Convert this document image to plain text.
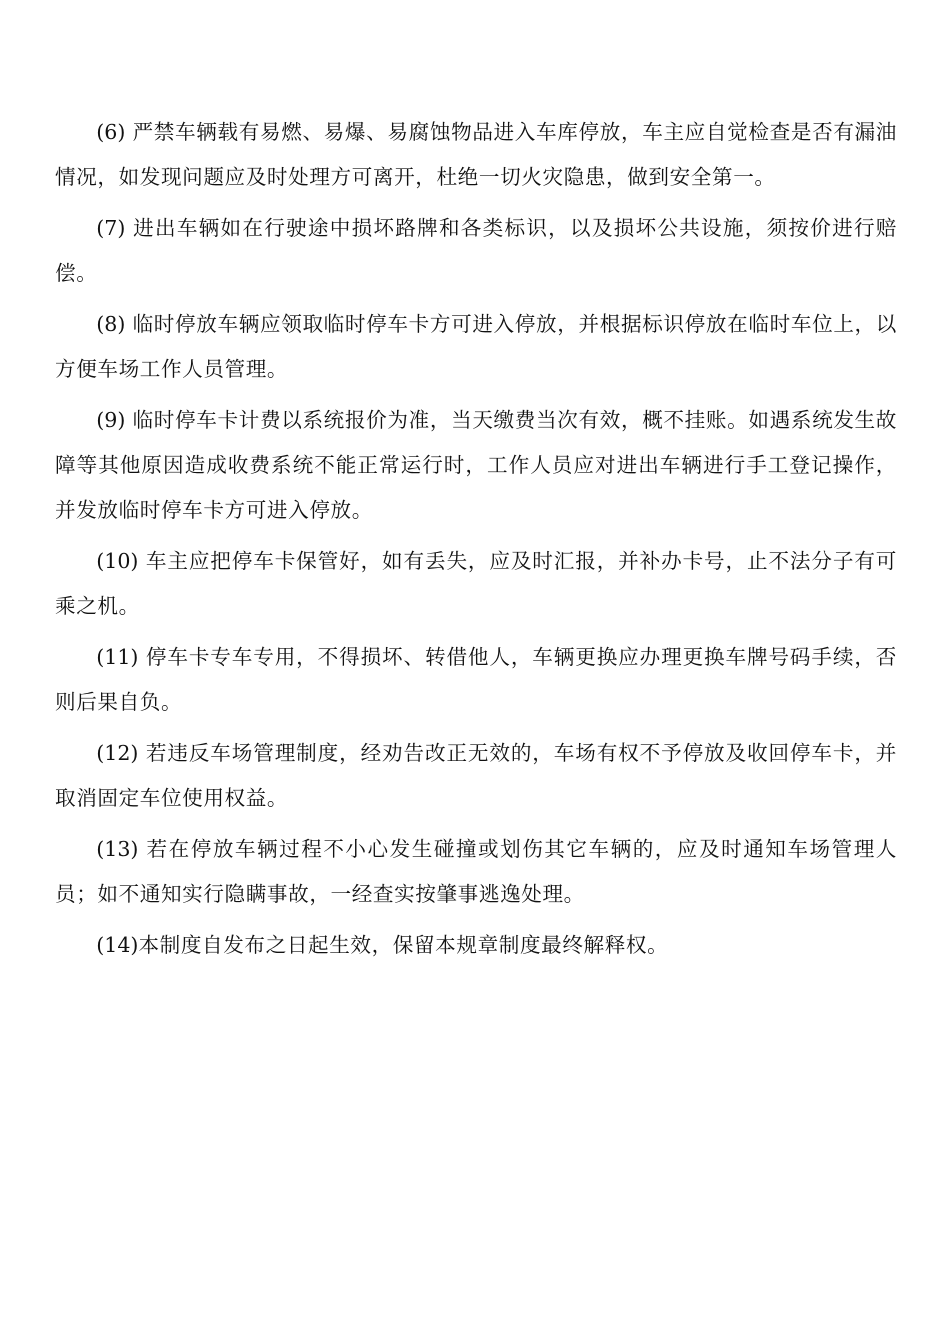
(6) 严禁车辆载有易燃、易爆、易腐蚀物品进入车库停放，车主应自觉检查是否有漏油情况，如发现问题应及时处理方可离开，杜绝一切火灾隐患，做到安全第一。

(7) 进出车辆如在行驶途中损坏路牌和各类标识，以及损坏公共设施，须按价进行赔偿。

(8) 临时停放车辆应领取临时停车卡方可进入停放，并根据标识停放在临时车位上，以方便车场工作人员管理。

(9) 临时停车卡计费以系统报价为准，当天缴费当次有效，概不挂账。如遇系统发生故障等其他原因造成收费系统不能正常运行时，工作人员应对进出车辆进行手工登记操作，并发放临时停车卡方可进入停放。

(10) 车主应把停车卡保管好，如有丢失，应及时汇报，并补办卡号，止不法分子有可乘之机。

(11) 停车卡专车专用，不得损坏、转借他人，车辆更换应办理更换车牌号码手续，否则后果自负。

(12) 若违反车场管理制度，经劝告改正无效的，车场有权不予停放及收回停车卡，并取消固定车位使用权益。

(13) 若在停放车辆过程不小心发生碰撞或划伤其它车辆的，应及时通知车场管理人员；如不通知实行隐瞒事故，一经查实按肇事逃逸处理。

(14)本制度自发布之日起生效，保留本规章制度最终解释权。
